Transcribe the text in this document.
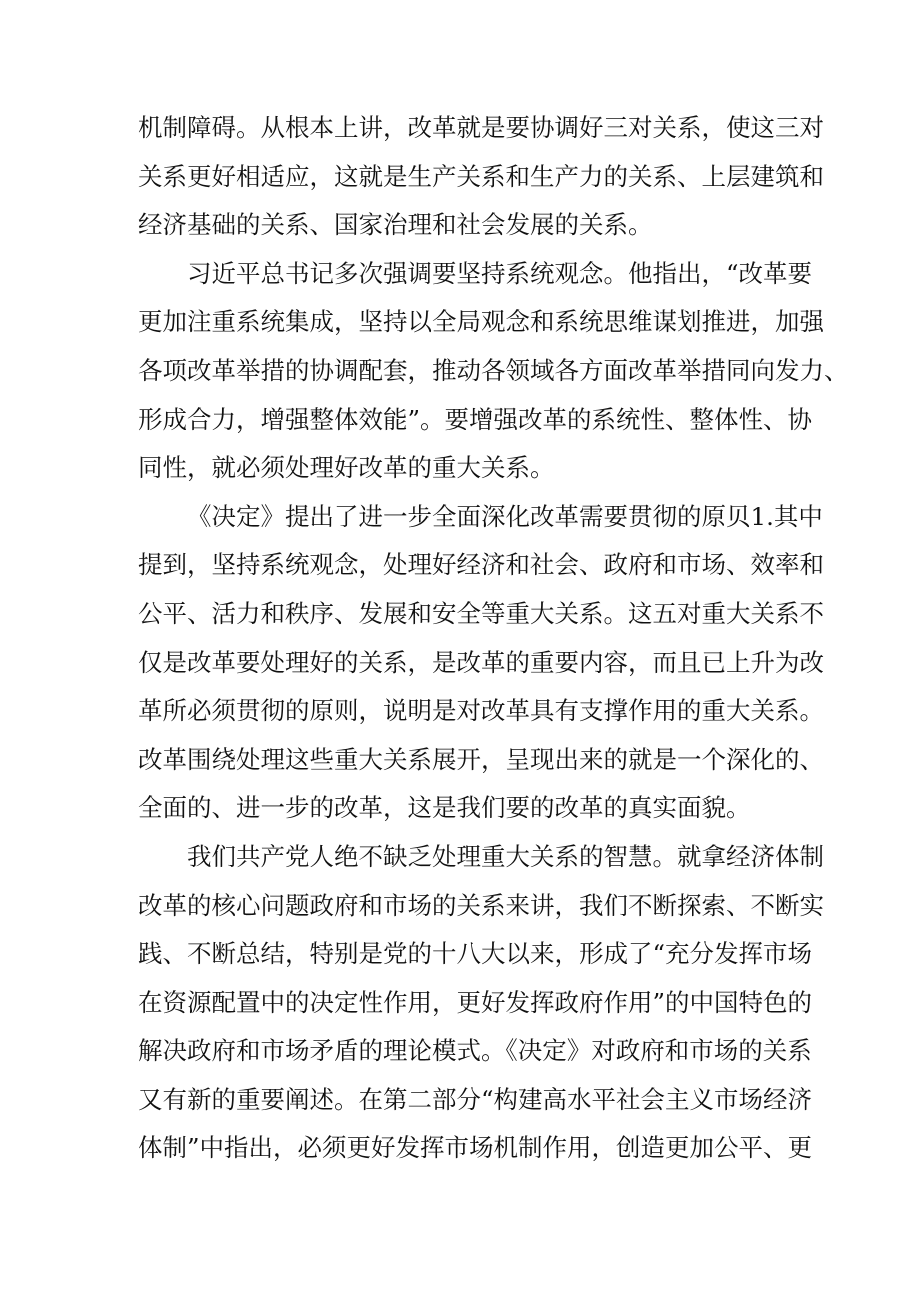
机制障碍。从根本上讲，改革就是要协调好三对关系，使这三对
关系更好相适应，这就是生产关系和生产力的关系、上层建筑和
经济基础的关系、国家治理和社会发展的关系。
习近平总书记多次强调要坚持系统观念。他指出，“改革要
更加注重系统集成，坚持以全局观念和系统思维谋划推进，加强
各项改革举措的协调配套，推动各领域各方面改革举措同向发力、
形成合力，增强整体效能”。要增强改革的系统性、整体性、协
同性，就必须处理好改革的重大关系。
《决定》提出了进一步全面深化改革需要贯彻的原贝1.其中
提到，坚持系统观念，处理好经济和社会、政府和市场、效率和
公平、活力和秩序、发展和安全等重大关系。这五对重大关系不
仅是改革要处理好的关系，是改革的重要内容，而且已上升为改
革所必须贯彻的原则，说明是对改革具有支撑作用的重大关系。
改革围绕处理这些重大关系展开，呈现出来的就是一个深化的、
全面的、进一步的改革，这是我们要的改革的真实面貌。
我们共产党人绝不缺乏处理重大关系的智慧。就拿经济体制
改革的核心问题政府和市场的关系来讲，我们不断探索、不断实
践、不断总结，特别是党的十八大以来，形成了“充分发挥市场
在资源配置中的决定性作用，更好发挥政府作用”的中国特色的
解决政府和市场矛盾的理论模式。《决定》对政府和市场的关系
又有新的重要阐述。在第二部分“构建高水平社会主义市场经济
体制”中指出，必须更好发挥市场机制作用，创造更加公平、更
